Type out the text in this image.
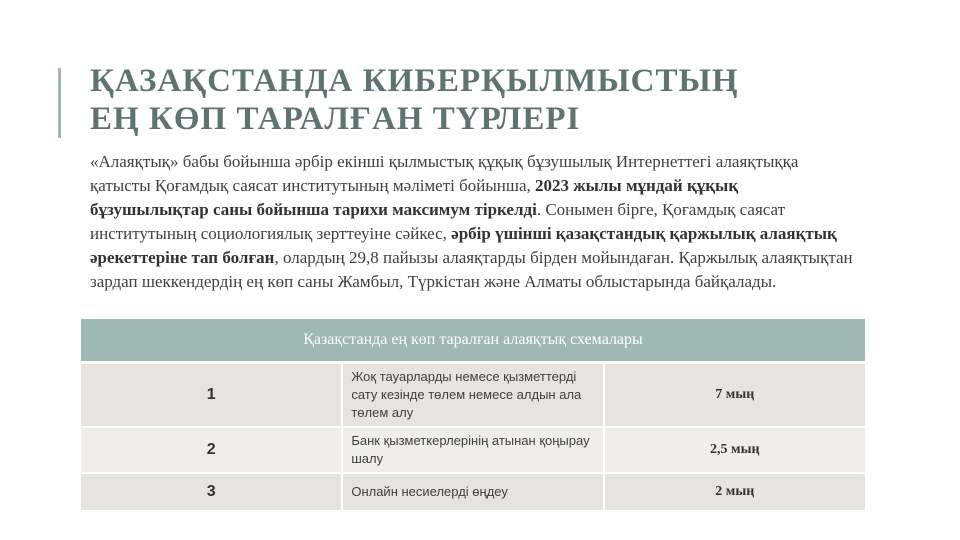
ҚАЗАҚСТАНДА КИБЕРҚЫЛМЫСТЫҢ
ЕҢ КӨП ТАРАЛҒАН ТҮРЛЕРІ

«Алаяқтық» бабы бойынша әрбір екінші қылмыстық құқық бұзушылық Интернеттегі алаяқтыққа қатысты Қоғамдық саясат институтының мәліметі бойынша, 2023 жылы мұндай құқық бұзушылықтар саны бойынша тарихи максимум тіркелді. Сонымен бірге, Қоғамдық саясат институтының социологиялық зерттеуіне сәйкес, әрбір үшінші қазақстандық қаржылық алаяқтық әрекеттеріне тап болған, олардың 29,8 пайызы алаяқтарды бірден мойындаған. Қаржылық алаяқтықтан зардап шеккендердің ең көп саны Жамбыл, Түркістан және Алматы облыстарында байқалады.

Қазақстанда ең көп таралған алаяқтық схемалары		
1	Жоқ тауарларды немесе қызметтерді сату кезінде төлем немесе алдын ала төлем алу	7 мың
2	Банк қызметкерлерінің атынан қоңырау шалу	2,5 мың
3	Онлайн несиелерді өңдеу	2 мың
